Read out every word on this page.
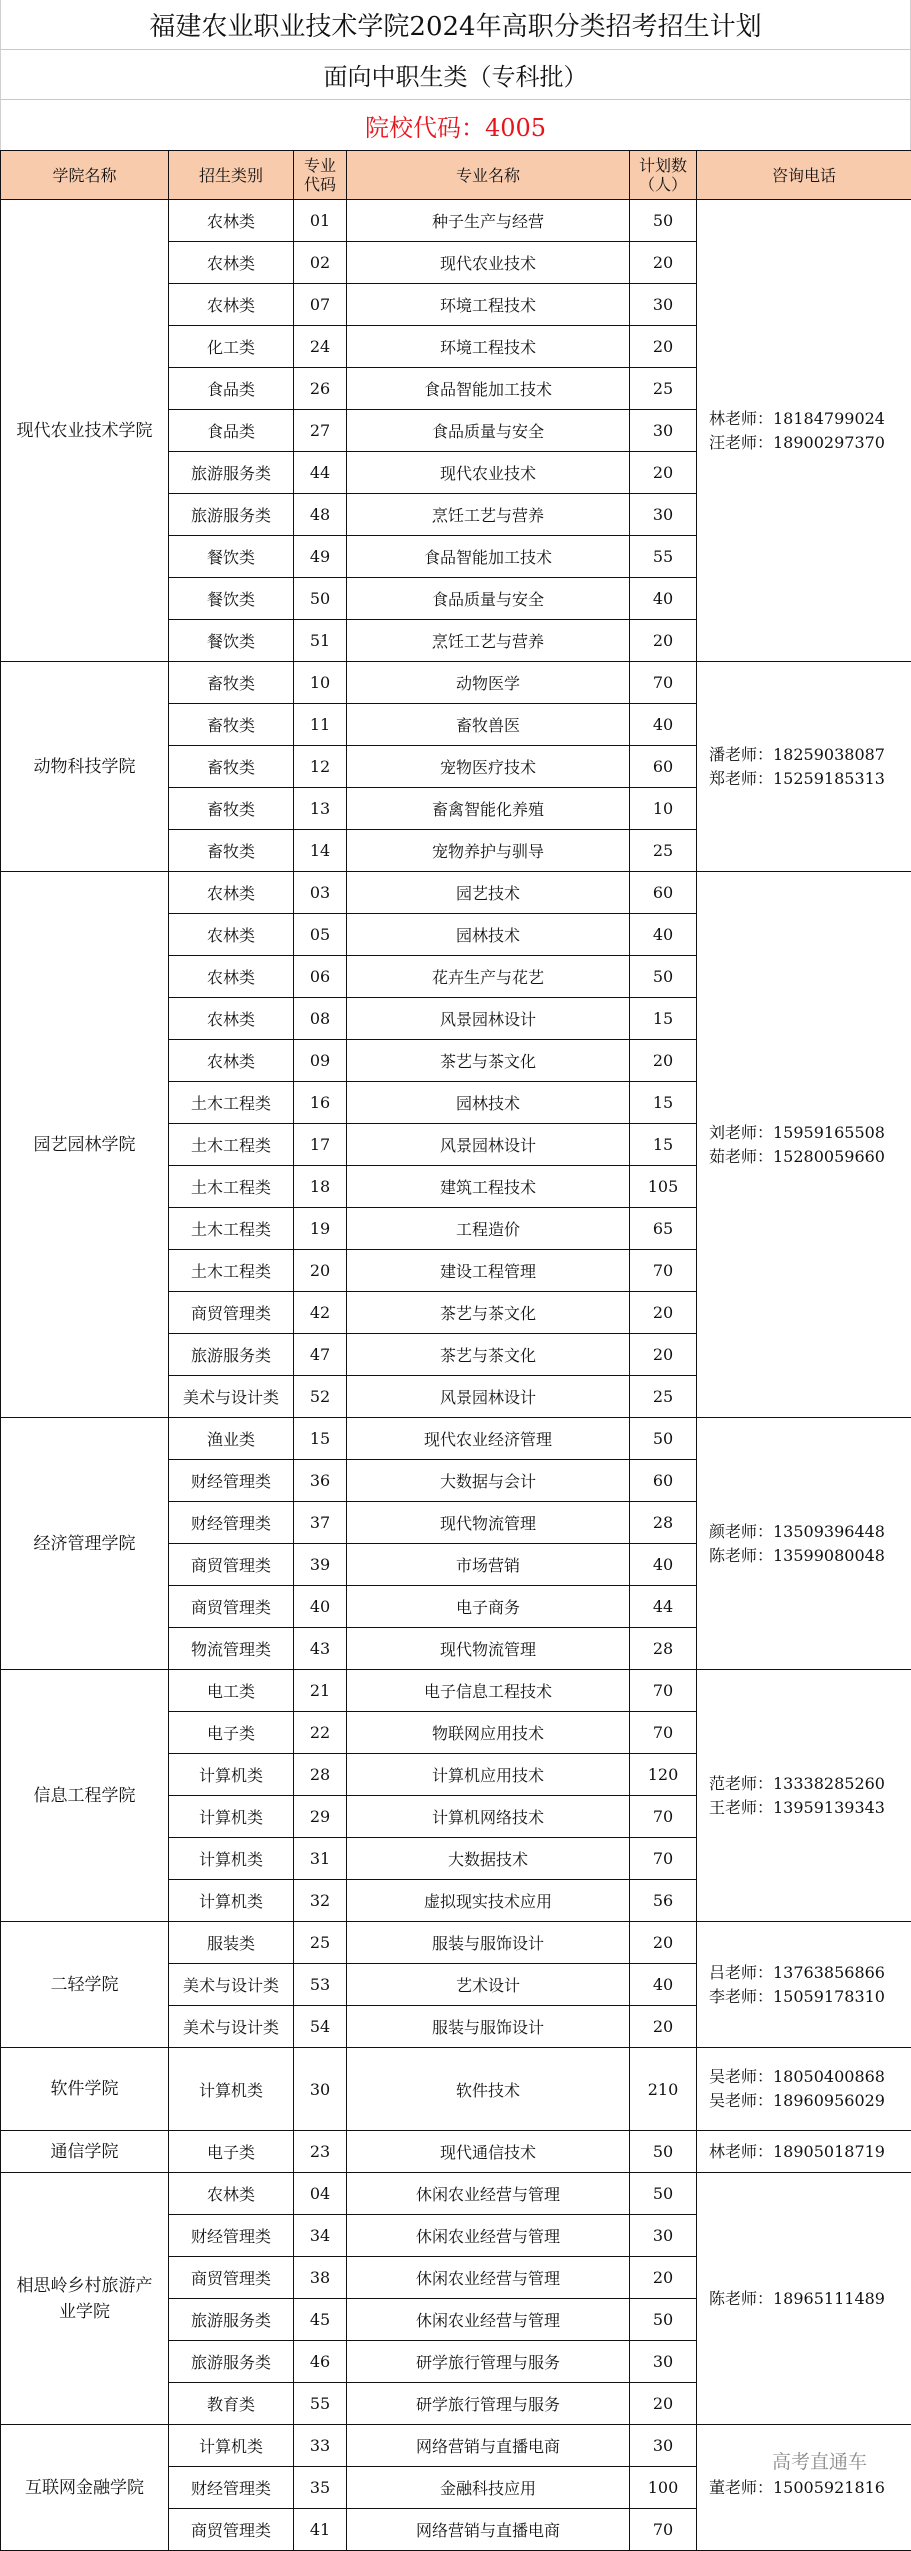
福建农业职业技术学院2024年高职分类招考招生计划
面向中职生类（专科批）
院校代码：4005
学院名称	招生类别	专业代码	专业名称	计划数（人）	咨询电话
现代农业技术学院	农林类	01	种子生产与经营	50	林老师：18184799024
汪老师：18900297370

	农林类	02	现代农业技术	20	
	农林类	07	环境工程技术	30	
	化工类	24	环境工程技术	20	
	食品类	26	食品智能加工技术	25	
	食品类	27	食品质量与安全	30	
	旅游服务类	44	现代农业技术	20	
	旅游服务类	48	烹饪工艺与营养	30	
	餐饮类	49	食品智能加工技术	55	
	餐饮类	50	食品质量与安全	40	
	餐饮类	51	烹饪工艺与营养	20	
动物科技学院	畜牧类	10	动物医学	70	潘老师：18259038087
郑老师：15259185313

	畜牧类	11	畜牧兽医	40	
	畜牧类	12	宠物医疗技术	60	
	畜牧类	13	畜禽智能化养殖	10	
	畜牧类	14	宠物养护与驯导	25	
园艺园林学院	农林类	03	园艺技术	60	刘老师：15959165508
茹老师：15280059660

	农林类	05	园林技术	40	
	农林类	06	花卉生产与花艺	50	
	农林类	08	风景园林设计	15	
	农林类	09	茶艺与茶文化	20	
	土木工程类	16	园林技术	15	
	土木工程类	17	风景园林设计	15	
	土木工程类	18	建筑工程技术	105	
	土木工程类	19	工程造价	65	
	土木工程类	20	建设工程管理	70	
	商贸管理类	42	茶艺与茶文化	20	
	旅游服务类	47	茶艺与茶文化	20	
	美术与设计类	52	风景园林设计	25	
经济管理学院	渔业类	15	现代农业经济管理	50	颜老师：13509396448
陈老师：13599080048

	财经管理类	36	大数据与会计	60	
	财经管理类	37	现代物流管理	28	
	商贸管理类	39	市场营销	40	
	商贸管理类	40	电子商务	44	
	物流管理类	43	现代物流管理	28	
信息工程学院	电工类	21	电子信息工程技术	70	范老师：13338285260
王老师：13959139343

	电子类	22	物联网应用技术	70	
	计算机类	28	计算机应用技术	120	
	计算机类	29	计算机网络技术	70	
	计算机类	31	大数据技术	70	
	计算机类	32	虚拟现实技术应用	56	
二轻学院	服装类	25	服装与服饰设计	20	吕老师：13763856866
李老师：15059178310

	美术与设计类	53	艺术设计	40	
	美术与设计类	54	服装与服饰设计	20	
软件学院	计算机类	30	软件技术	210	吴老师：18050400868
吴老师：18960956029

通信学院	电子类	23	现代通信技术	50	林老师：18905018719

相思岭乡村旅游产业学院	农林类	04	休闲农业经营与管理	50	陈老师：18965111489

	财经管理类	34	休闲农业经营与管理	30	
	商贸管理类	38	休闲农业经营与管理	20	
	旅游服务类	45	休闲农业经营与管理	50	
	旅游服务类	46	研学旅行管理与服务	30	
	教育类	55	研学旅行管理与服务	20	
互联网金融学院	计算机类	33	网络营销与直播电商	30	董老师：15005921816

	财经管理类	35	金融科技应用	100	
	商贸管理类	41	网络营销与直播电商	70	
高考直通车
